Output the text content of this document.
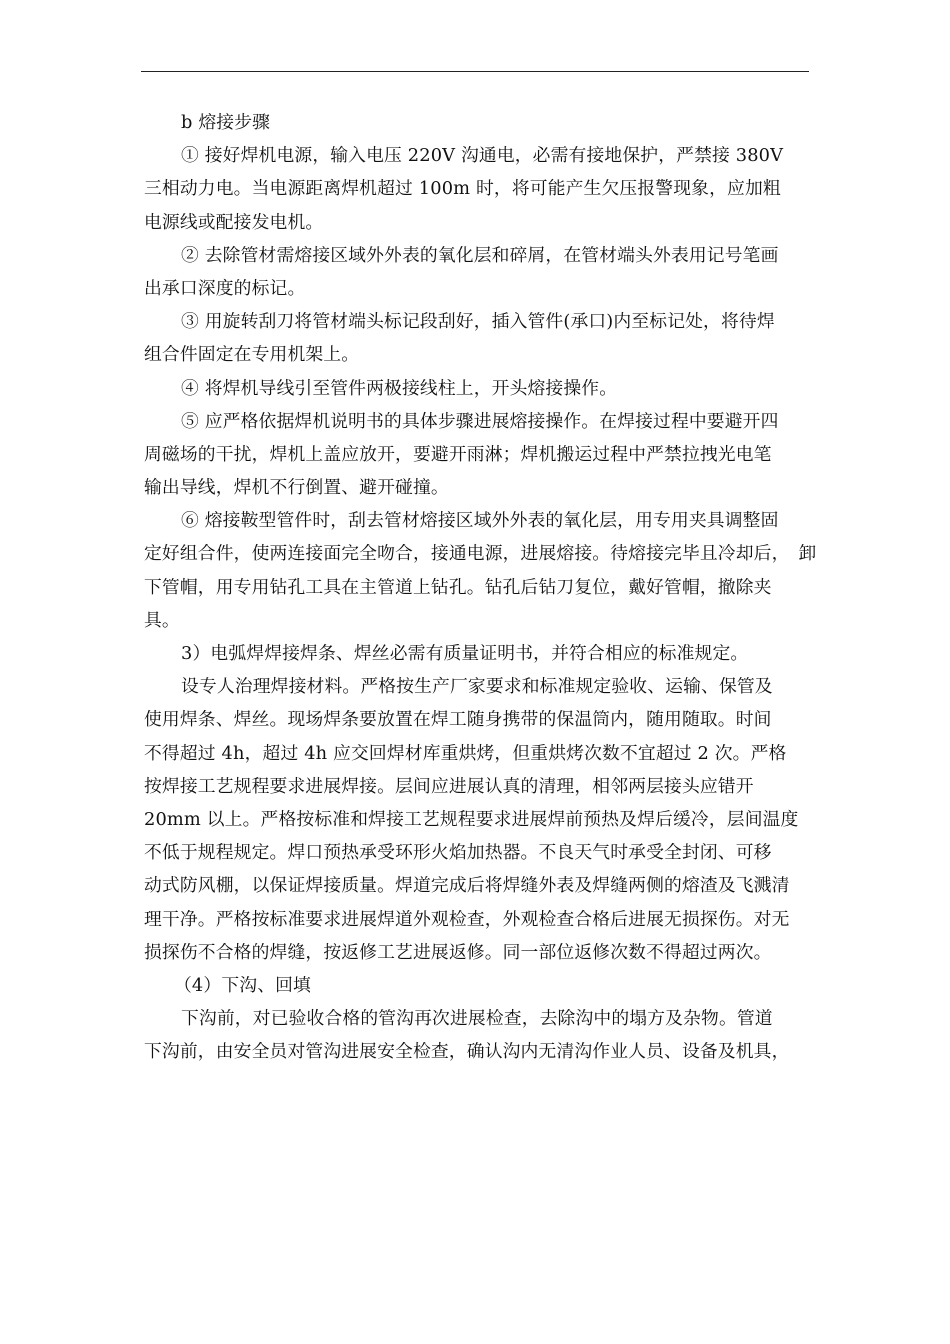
b 熔接步骤
① 接好焊机电源，输入电压 220V 沟通电，必需有接地保护，严禁接 380V
三相动力电。当电源距离焊机超过 100m 时，将可能产生欠压报警现象，应加粗
电源线或配接发电机。
② 去除管材需熔接区域外外表的氧化层和碎屑，在管材端头外表用记号笔画
出承口深度的标记。
③ 用旋转刮刀将管材端头标记段刮好，插入管件(承口)内至标记处，将待焊
组合件固定在专用机架上。
④ 将焊机导线引至管件两极接线柱上，开头熔接操作。
⑤ 应严格依据焊机说明书的具体步骤进展熔接操作。在焊接过程中要避开四
周磁场的干扰，焊机上盖应放开，要避开雨淋；焊机搬运过程中严禁拉拽光电笔
输出导线，焊机不行倒置、避开碰撞。
⑥ 熔接鞍型管件时，刮去管材熔接区域外外表的氧化层，用专用夹具调整固
定好组合件，使两连接面完全吻合，接通电源，进展熔接。待熔接完毕且冷却后，　卸
下管帽，用专用钻孔工具在主管道上钻孔。钻孔后钻刀复位，戴好管帽，撤除夹
具。
3）电弧焊焊接焊条、焊丝必需有质量证明书，并符合相应的标准规定。
设专人治理焊接材料。严格按生产厂家要求和标准规定验收、运输、保管及
使用焊条、焊丝。现场焊条要放置在焊工随身携带的保温筒内，随用随取。时间
不得超过 4h，超过 4h 应交回焊材库重烘烤，但重烘烤次数不宜超过 2 次。严格
按焊接工艺规程要求进展焊接。层间应进展认真的清理，相邻两层接头应错开
20mm 以上。严格按标准和焊接工艺规程要求进展焊前预热及焊后缓冷，层间温度
不低于规程规定。焊口预热承受环形火焰加热器。不良天气时承受全封闭、可移
动式防风棚，以保证焊接质量。焊道完成后将焊缝外表及焊缝两侧的熔渣及飞溅清
理干净。严格按标准要求进展焊道外观检查，外观检查合格后进展无损探伤。对无
损探伤不合格的焊缝，按返修工艺进展返修。同一部位返修次数不得超过两次。
（4）下沟、回填
下沟前，对已验收合格的管沟再次进展检查，去除沟中的塌方及杂物。管道
下沟前，由安全员对管沟进展安全检查，确认沟内无清沟作业人员、设备及机具，
